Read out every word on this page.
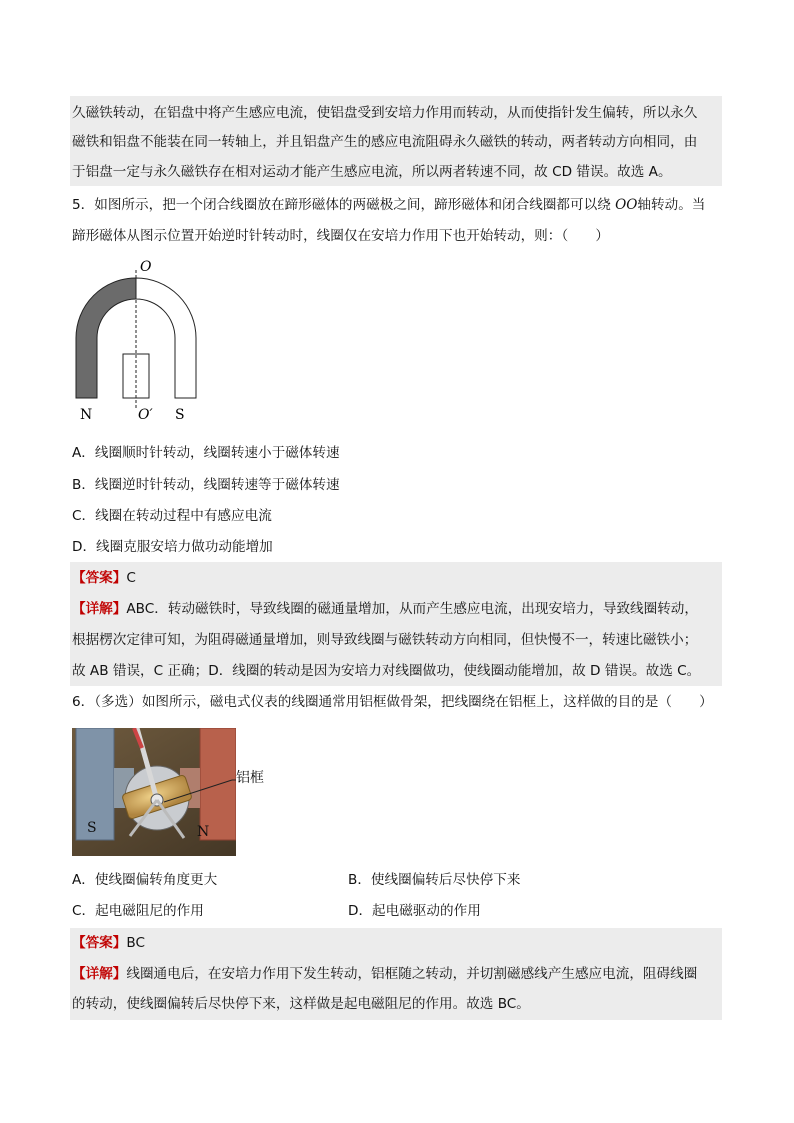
久磁铁转动，在铝盘中将产生感应电流，使铝盘受到安培力作用而转动，从而使指针发生偏转，所以永久
磁铁和铝盘不能装在同一转轴上，并且铝盘产生的感应电流阻碍永久磁铁的转动，两者转动方向相同，由
于铝盘一定与永久磁铁存在相对运动才能产生感应电流，所以两者转速不同，故 CD 错误。故选 A。
5．如图所示，把一个闭合线圈放在蹄形磁体的两磁极之间，蹄形磁体和闭合线圈都可以绕 OO轴转动。当
蹄形磁体从图示位置开始逆时针转动时，线圈仅在安培力作用下也开始转动，则：（　　）
O
O′
N	S
A．线圈顺时针转动，线圈转速小于磁体转速
B．线圈逆时针转动，线圈转速等于磁体转速
C．线圈在转动过程中有感应电流
D．线圈克服安培力做功动能增加
【答案】C
【详解】ABC．转动磁铁时，导致线圈的磁通量增加，从而产生感应电流，出现安培力，导致线圈转动，
根据楞次定律可知，为阻碍磁通量增加，则导致线圈与磁铁转动方向相同，但快慢不一，转速比磁铁小；
故 AB 错误，C 正确；D．线圈的转动是因为安培力对线圈做功，使线圈动能增加，故 D 错误。故选 C。
6．（多选）如图所示，磁电式仪表的线圈通常用铝框做骨架，把线圈绕在铝框上，这样做的目的是（　　）
铝框
S	N
A．使线圈偏转角度更大	B．使线圈偏转后尽快停下来
C．起电磁阻尼的作用	D．起电磁驱动的作用
【答案】BC
【详解】线圈通电后，在安培力作用下发生转动，铝框随之转动，并切割磁感线产生感应电流，阻碍线圈
的转动，使线圈偏转后尽快停下来，这样做是起电磁阻尼的作用。故选 BC。
